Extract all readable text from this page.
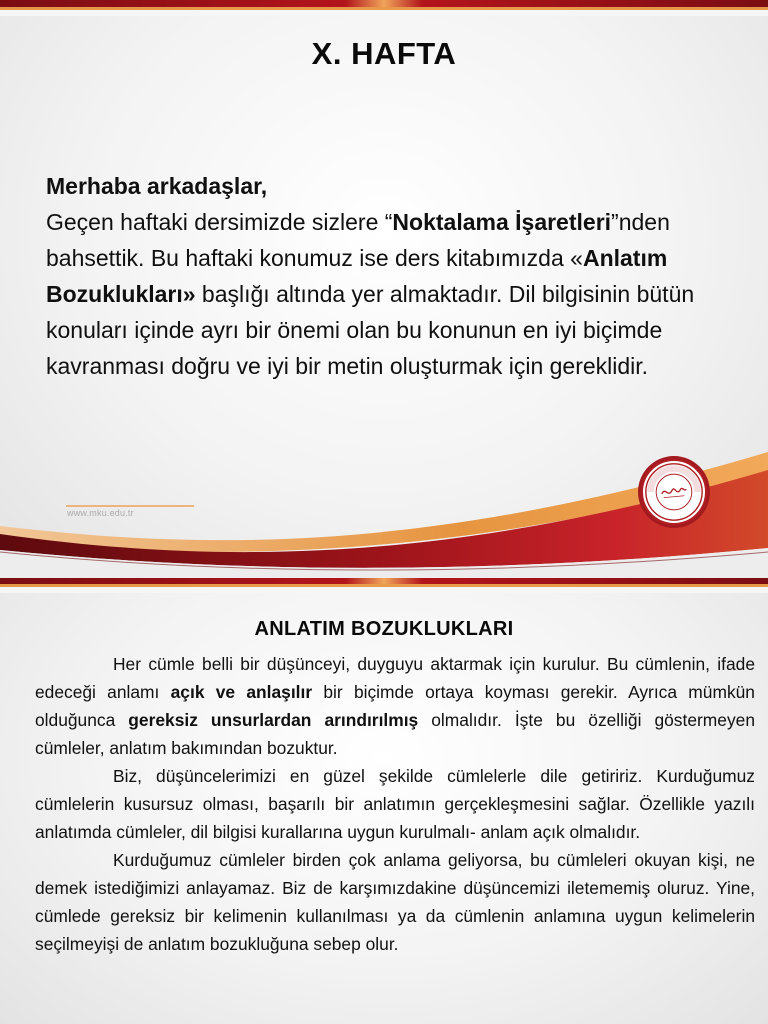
X. HAFTA
Merhaba arkadaşlar,
Geçen haftaki dersimizde sizlere “Noktalama İşaretleri”nden bahsettik. Bu haftaki konumuz ise ders kitabımızda «Anlatım Bozuklukları» başlığı altında yer almaktadır. Dil bilgisinin bütün konuları içinde ayrı bir önemi olan bu konunun en iyi biçimde kavranması doğru ve iyi bir metin oluşturmak için gereklidir.
www.mku.edu.tr
ANLATIM BOZUKLUKLARI

Her cümle belli bir düşünceyi, duyguyu aktarmak için kurulur. Bu cümlenin, ifade edeceği anlamı açık ve anlaşılır bir biçimde ortaya koyması gerekir. Ayrıca mümkün olduğunca gereksiz unsurlardan arındırılmış olmalıdır. İşte bu özelliği göstermeyen cümleler, anlatım bakımından bozuktur.

Biz, düşüncelerimizi en güzel şekilde cümlelerle dile getiririz. Kurduğumuz cümlelerin kusursuz olması, başarılı bir anlatımın gerçekleşmesini sağlar. Özellikle yazılı anlatımda cümleler, dil bilgisi kurallarına uygun kurulmalı- anlam açık olmalıdır.

Kurduğumuz cümleler birden çok anlama geliyorsa, bu cümleleri okuyan kişi, ne demek istediğimizi anlayamaz. Biz de karşımızdakine düşüncemizi iletememiş oluruz. Yine, cümlede gereksiz bir kelimenin kullanılması ya da cümlenin anlamına uygun kelimelerin seçilmeyişi de anlatım bozukluğuna sebep olur.
